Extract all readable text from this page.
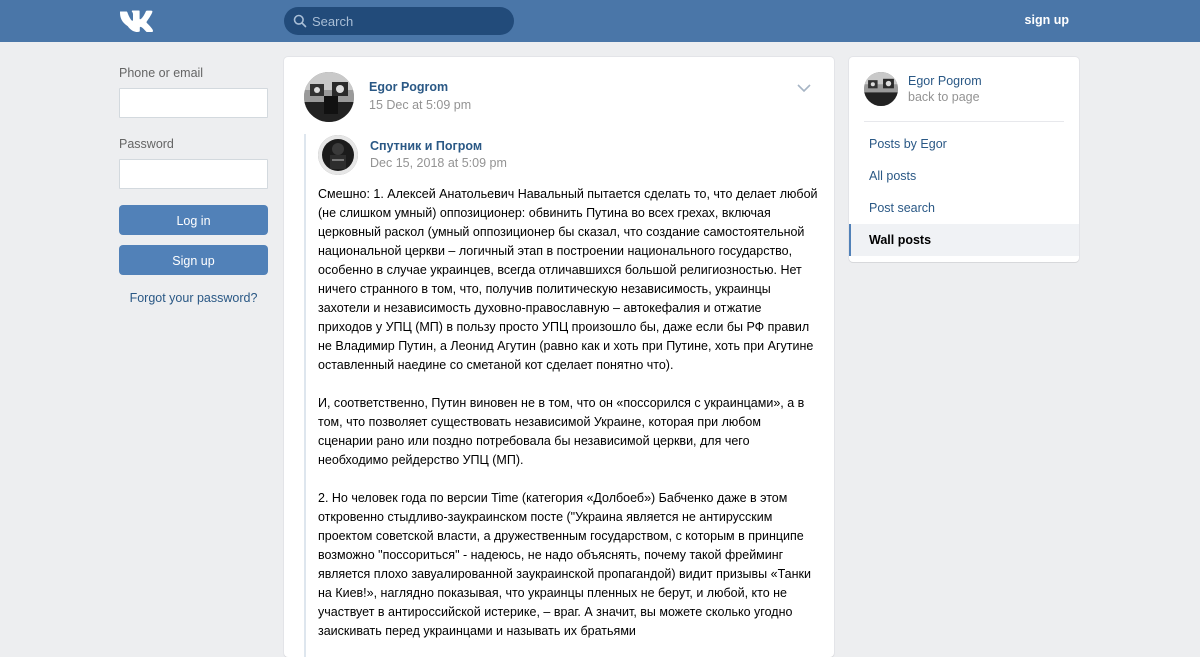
Search
sign up
Phone or email
Password
Log in
Sign up
Forgot your password?
Egor Pogrom
15 Dec at 5:09 pm
Спутник и Погром
Dec 15, 2018 at 5:09 pm

Смешно: 1. Алексей Анатольевич Навальный пытается сделать то, что делает любой (не слишком умный) оппозиционер: обвинить Путина во всех грехах, включая церковный раскол (умный оппозиционер бы сказал, что создание самостоятельной национальной церкви – логичный этап в построении национального государство, особенно в случае украинцев, всегда отличавшихся большой религиозностью. Нет ничего странного в том, что, получив политическую независимость, украинцы захотели и независимость духовно-православную – автокефалия и отжатие приходов у УПЦ (МП) в пользу просто УПЦ произошло бы, даже если бы РФ правил не Владимир Путин, а Леонид Агутин (равно как и хоть при Путине, хоть при Агутине оставленный наедине со сметаной кот сделает понятно что).

И, соответственно, Путин виновен не в том, что он «поссорился с украинцами», а в том, что позволяет существовать независимой Украине, которая при любом сценарии рано или поздно потребовала бы независимой церкви, для чего необходимо рейдерство УПЦ (МП).

2. Но человек года по версии Time (категория «Долбоеб») Бабченко даже в этом откровенно стыдливо-заукраинском посте ("Украина является не антирусским проектом советской власти, а дружественным государством, с которым в принципе возможно "поссориться" - надеюсь, не надо объяснять, почему такой фрейминг является плохо завуалированной заукраинской пропагандой) видит призывы «Танки на Киев!», наглядно показывая, что украинцы пленных не берут, и любой, кто не участвует в антироссийской истерике, – враг. А значит, вы можете сколько угодно заискивать перед украинцами и называть их братьями

Egor Pogrom
back to page
Posts by Egor
All posts
Post search
Wall posts
